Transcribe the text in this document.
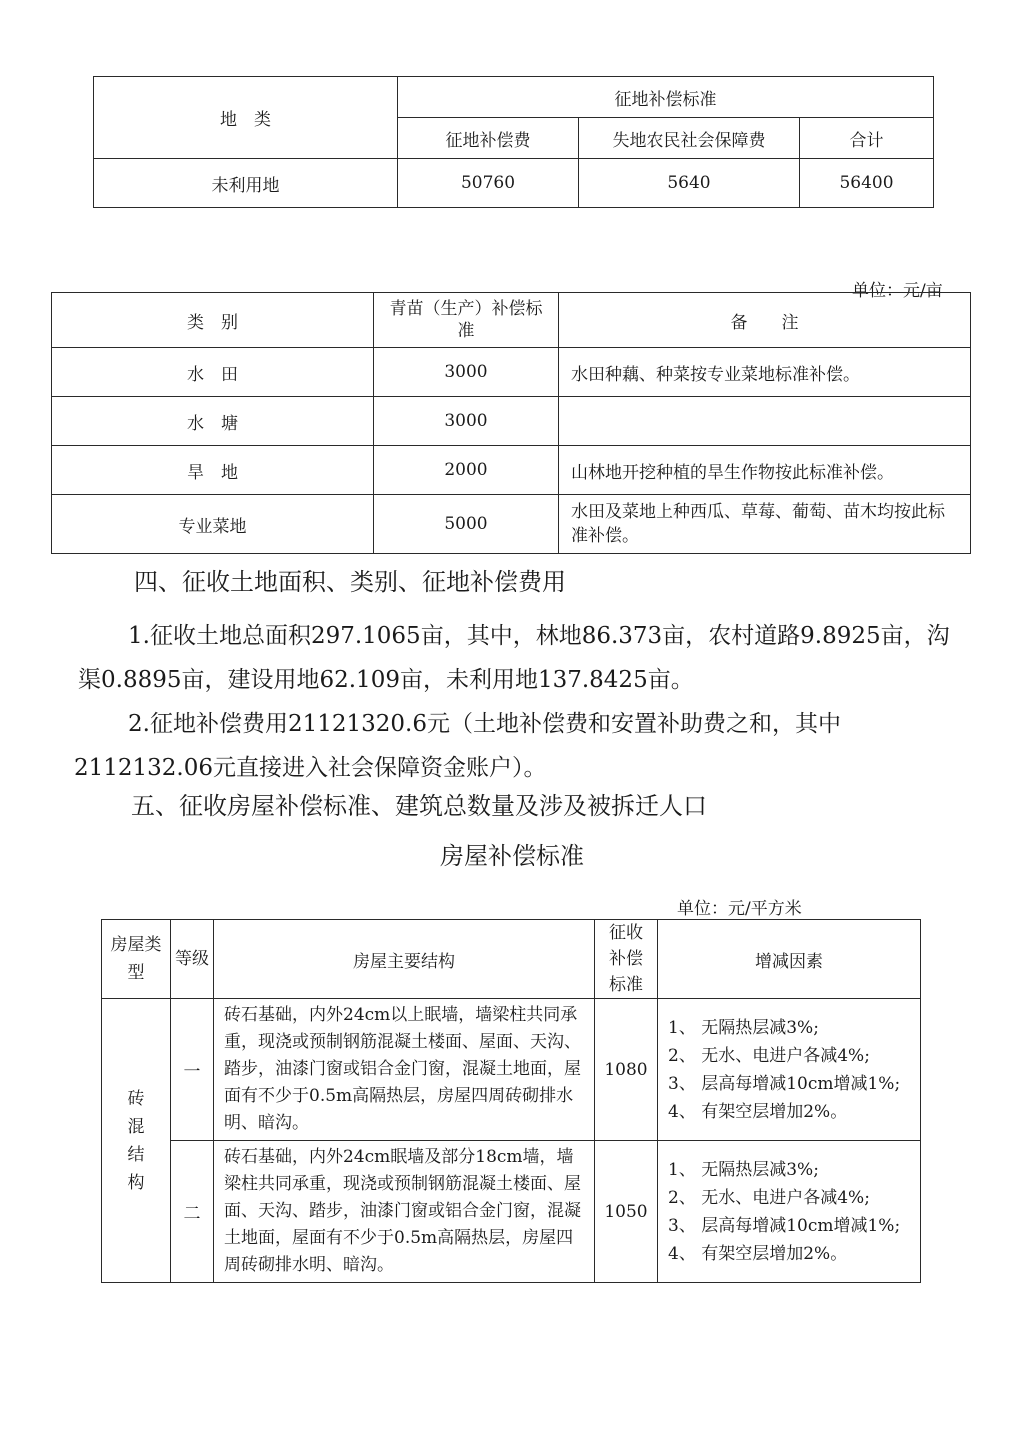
地　类	征地补偿标准		
	征地补偿费	失地农民社会保障费	合计
未利用地	50760	5640	56400
单位：元/亩
类　别	青苗（生产）补偿标准	备　　注
水　田	3000	水田种藕、种菜按专业菜地标准补偿。
水　塘	3000	
旱　地	2000	山林地开挖种植的旱生作物按此标准补偿。
专业菜地	5000	水田及菜地上种西瓜、草莓、葡萄、苗木均按此标准补偿。
四、征收土地面积、类别、征地补偿费用
1.征收土地总面积297.1065亩，其中，林地86.373亩，农村道路9.8925亩，沟渠0.8895亩，建设用地62.109亩，未利用地137.8425亩。
2.征地补偿费用21121320.6元（土地补偿费和安置补助费之和，其中2112132.06元直接进入社会保障资金账户）。
五、征收房屋补偿标准、建筑总数量及涉及被拆迁人口
房屋补偿标准
单位：元/平方米
房屋类型	等级	房屋主要结构	征收补偿标准	增减因素
砖混结构	一	砖石基础，内外24cm以上眠墙，墙梁柱共同承重，现浇或预制钢筋混凝土楼面、屋面、天沟、踏步，油漆门窗或铝合金门窗，混凝土地面，屋面有不少于0.5m高隔热层，房屋四周砖砌排水明、暗沟。	1080	1、 无隔热层减3%;
2、 无水、电进户各减4%;
3、 层高每增减10cm增减1%;
4、 有架空层增加2%。

	二	砖石基础，内外24cm眠墙及部分18cm墙，墙梁柱共同承重，现浇或预制钢筋混凝土楼面、屋面、天沟、踏步，油漆门窗或铝合金门窗，混凝土地面，屋面有不少于0.5m高隔热层，房屋四周砖砌排水明、暗沟。	1050	1、 无隔热层减3%;
2、 无水、电进户各减4%;
3、 层高每增减10cm增减1%;
4、 有架空层增加2%。
